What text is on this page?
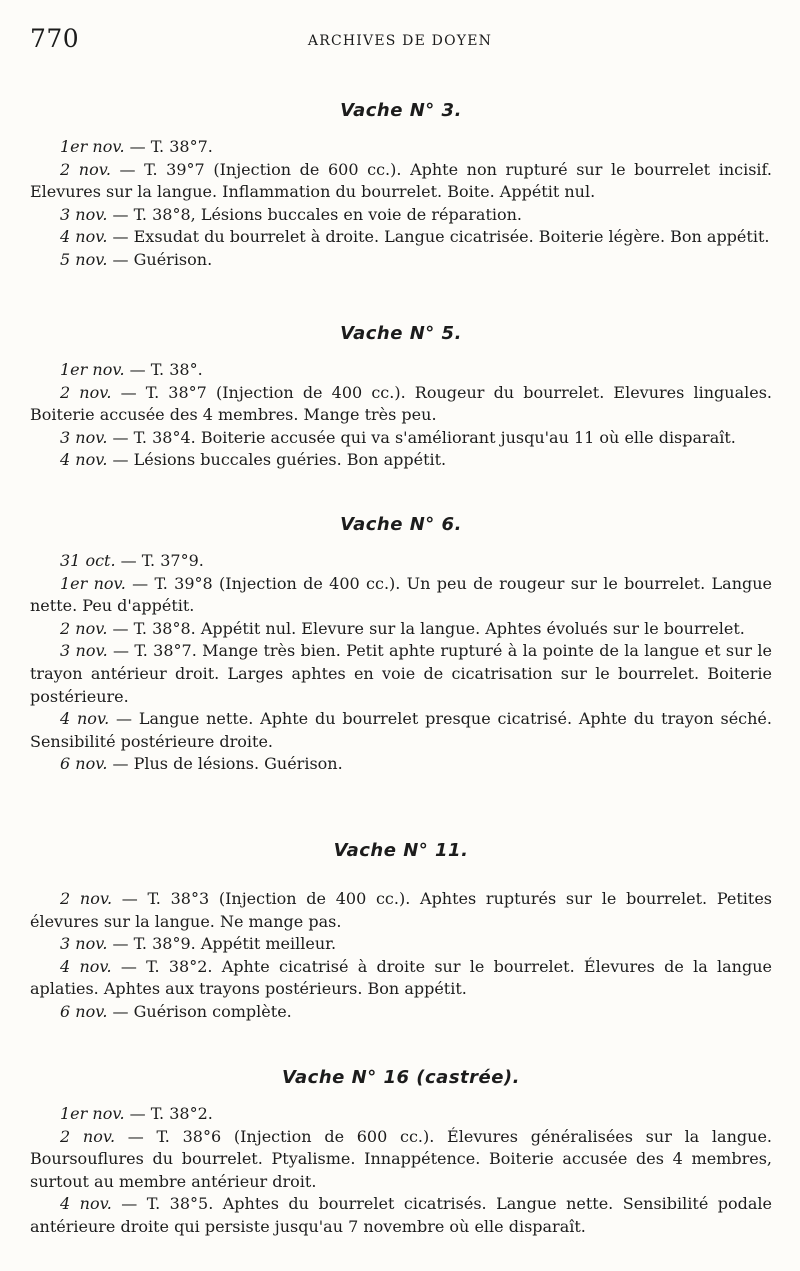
770	ARCHIVES DE DOYEN
Vache N° 3.

1er nov. — T. 38°7.

2 nov. — T. 39°7 (Injection de 600 cc.). Aphte non rupturé sur le bourrelet incisif. Elevures sur la langue. Inflammation du bourrelet. Boite. Appétit nul.

3 nov. — T. 38°8, Lésions buccales en voie de réparation.

4 nov. — Exsudat du bourrelet à droite. Langue cicatrisée. Boiterie légère. Bon appétit.

5 nov. — Guérison.

Vache N° 5.

1er nov. — T. 38°.

2 nov. — T. 38°7 (Injection de 400 cc.). Rougeur du bourrelet. Elevures linguales. Boiterie accusée des 4 membres. Mange très peu.

3 nov. — T. 38°4. Boiterie accusée qui va s'améliorant jusqu'au 11 où elle disparaît.

4 nov. — Lésions buccales guéries. Bon appétit.

Vache N° 6.

31 oct. — T. 37°9.

1er nov. — T. 39°8 (Injection de 400 cc.). Un peu de rougeur sur le bourrelet. Langue nette. Peu d'appétit.

2 nov. — T. 38°8. Appétit nul. Elevure sur la langue. Aphtes évolués sur le bourrelet.

3 nov. — T. 38°7. Mange très bien. Petit aphte rupturé à la pointe de la langue et sur le trayon antérieur droit. Larges aphtes en voie de cicatrisation sur le bourrelet. Boiterie postérieure.

4 nov. — Langue nette. Aphte du bourrelet presque cicatrisé. Aphte du trayon séché. Sensibilité postérieure droite.

6 nov. — Plus de lésions. Guérison.

Vache N° 11.

2 nov. — T. 38°3 (Injection de 400 cc.). Aphtes rupturés sur le bourrelet. Petites élevures sur la langue. Ne mange pas.

3 nov. — T. 38°9. Appétit meilleur.

4 nov. — T. 38°2. Aphte cicatrisé à droite sur le bourrelet. Élevures de la langue aplaties. Aphtes aux trayons postérieurs. Bon appétit.

6 nov. — Guérison complète.

Vache N° 16 (castrée).

1er nov. — T. 38°2.

2 nov. — T. 38°6 (Injection de 600 cc.). Élevures généralisées sur la langue. Boursouflures du bourrelet. Ptyalisme. Innappétence. Boiterie accusée des 4 membres, surtout au membre antérieur droit.

4 nov. — T. 38°5. Aphtes du bourrelet cicatrisés. Langue nette. Sensibilité podale antérieure droite qui persiste jusqu'au 7 novembre où elle disparaît.
